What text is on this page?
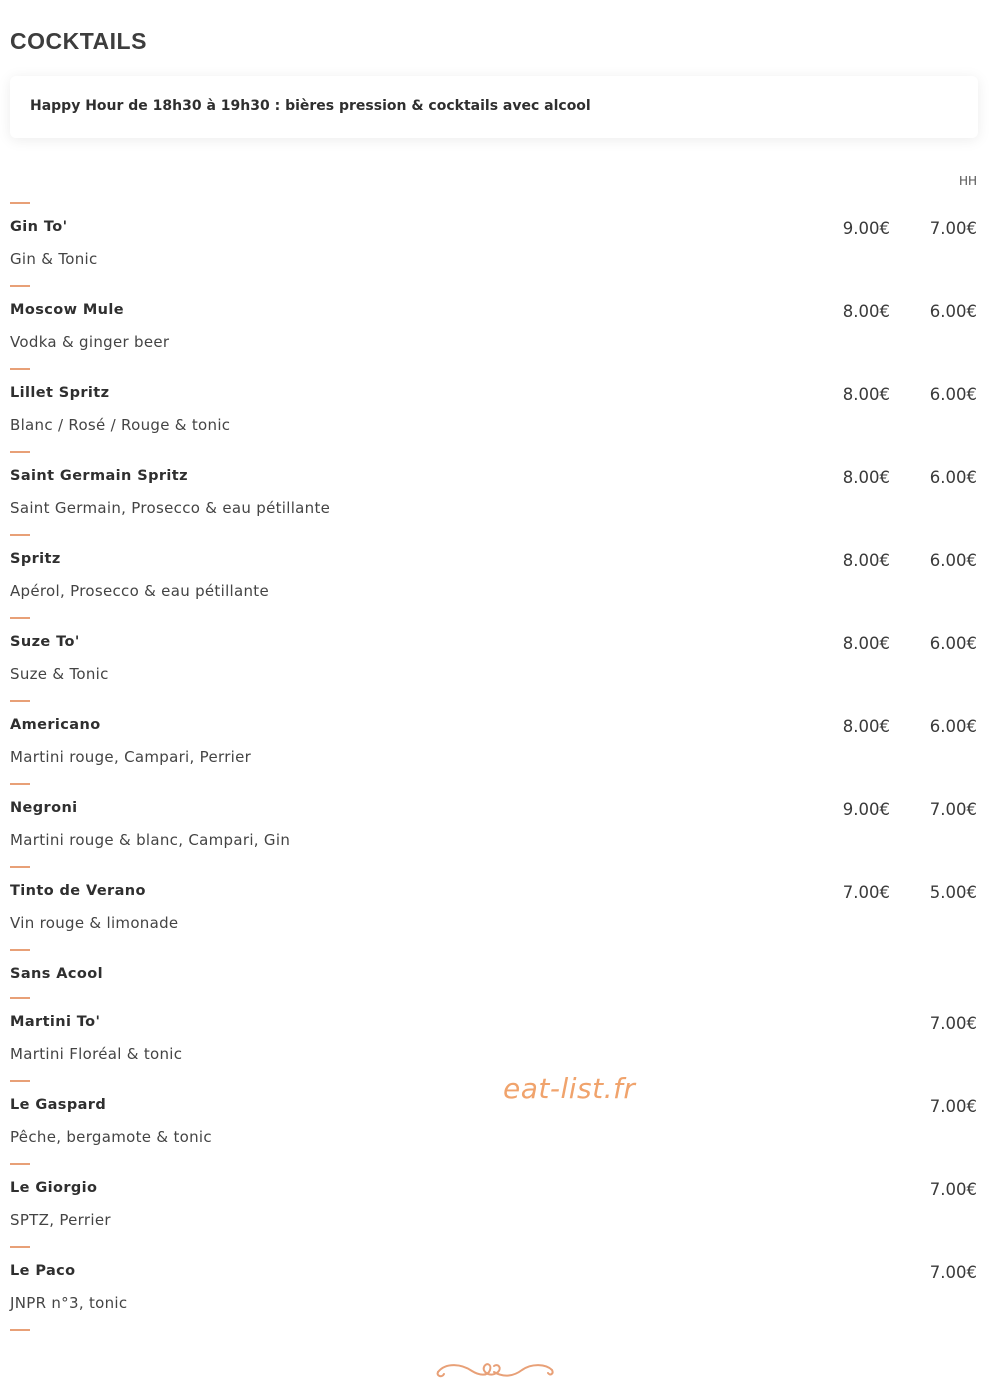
COCKTAILS
Happy Hour de 18h30 à 19h30 : bières pression & cocktails avec alcool
HH
Gin To'
Gin & Tonic
9.00€	7.00€
Moscow Mule
Vodka & ginger beer
8.00€	6.00€
Lillet Spritz
Blanc / Rosé / Rouge & tonic
8.00€	6.00€
Saint Germain Spritz
Saint Germain, Prosecco & eau pétillante
8.00€	6.00€
Spritz
Apérol, Prosecco & eau pétillante
8.00€	6.00€
Suze To'
Suze & Tonic
8.00€	6.00€
Americano
Martini rouge, Campari, Perrier
8.00€	6.00€
Negroni
Martini rouge & blanc, Campari, Gin
9.00€	7.00€
Tinto de Verano
Vin rouge & limonade
7.00€	5.00€
Sans Acool
Martini To'
Martini Floréal & tonic
7.00€
Le Gaspard
Pêche, bergamote & tonic
7.00€
Le Giorgio
SPTZ, Perrier
7.00€
Le Paco
JNPR n°3, tonic
7.00€
eat-list.fr
